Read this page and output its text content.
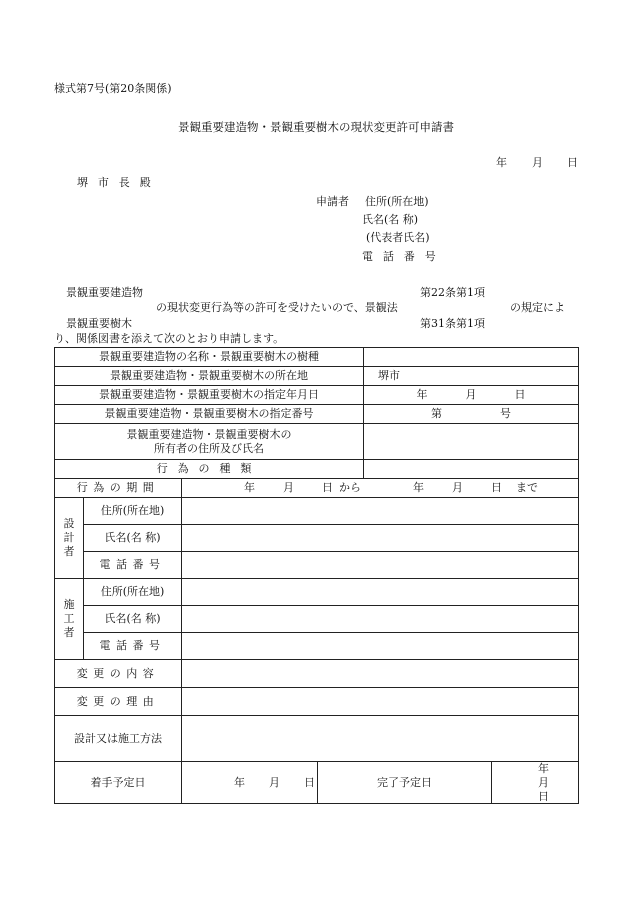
様式第7号(第20条関係)
景観重要建造物・景観重要樹木の現状変更許可申請書
年 月 日
堺市長殿
申請者 住所(所在地)
氏名(名 称)
(代表者氏名)
電話番号
景観重要建造物	第22条第1項
の現状変更行為等の許可を受けたいので、景観法	の規定によ
景観重要樹木	第31条第1項
り、関係図書を添えて次のとおり申請します。
景観重要建造物の名称・景観重要樹木の樹種					
景観重要建造物・景観重要樹木の所在地				堺市	
景観重要建造物・景観重要樹木の指定年月日				年 月 日	
景観重要建造物・景観重要樹木の指定番号				第 号	

景観重要建造物・景観重要樹木の
所有者の住所及び氏名					

行為の種類					
行為の期間		年 月 日 から 年 月 日 まで			

設
計
者	住所(所在地)				
	氏名(名 称)				
	電話番号				

施
工
者	住所(所在地)				
	氏名(名 称)				
	電話番号				
変更の内容					
変更の理由					
設計又は施工方法					
着手予定日		年 月 日	完了予定日		年月日
